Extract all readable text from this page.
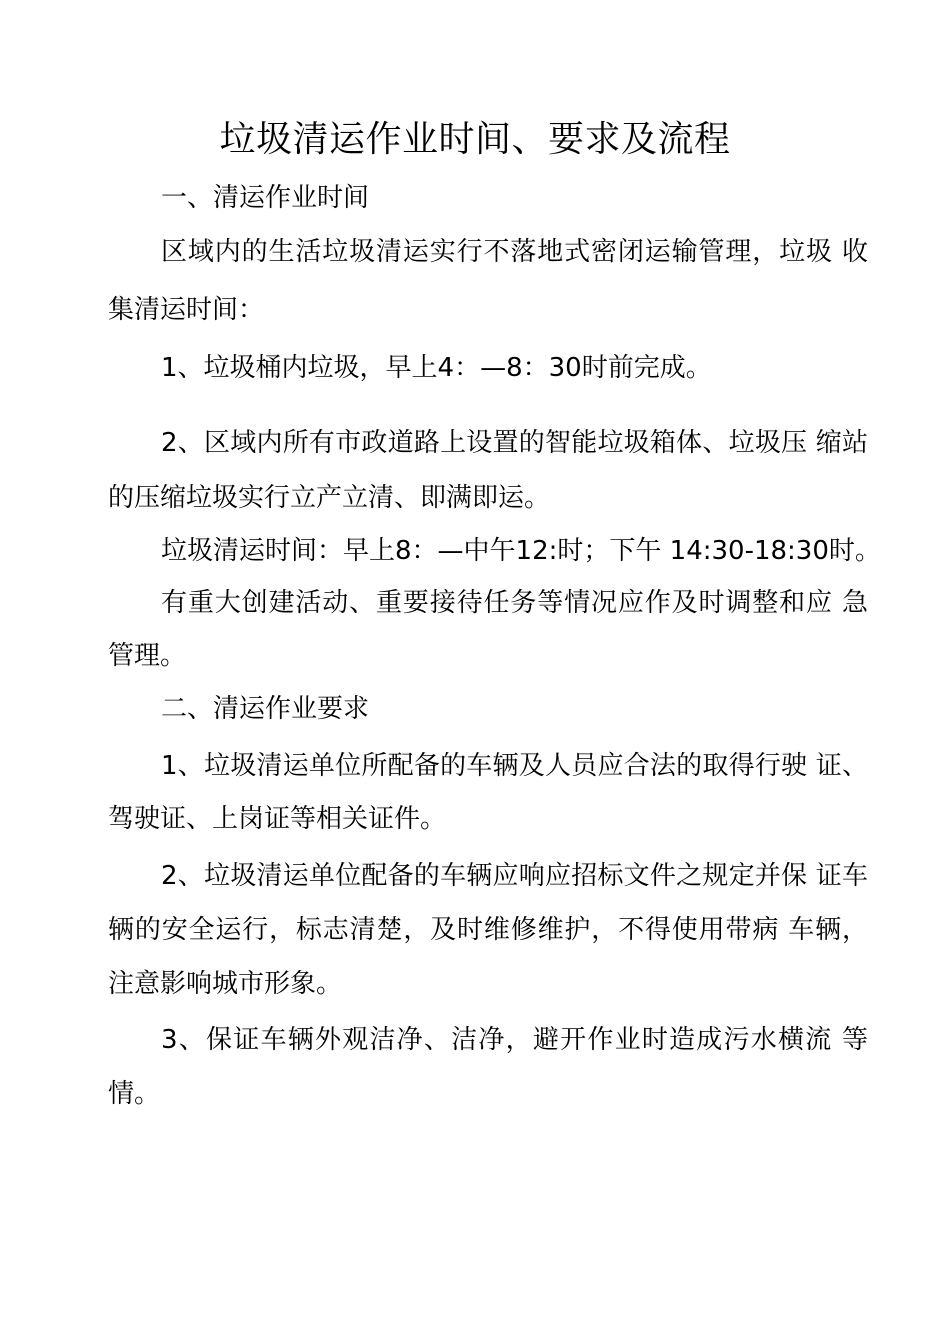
垃圾清运作业时间、要求及流程

一、清运作业时间

区域内的生活垃圾清运实行不落地式密闭运输管理，垃圾 收

集清运时间：

1、垃圾桶内垃圾，早上4：—8：30时前完成。

2、区域内所有市政道路上设置的智能垃圾箱体、垃圾压 缩站

的压缩垃圾实行立产立清、即满即运。

垃圾清运时间：早上8：—中午12:时；下午 14:30-18:30时。

有重大创建活动、重要接待任务等情况应作及时调整和应 急

管理。

二、清运作业要求

1、垃圾清运单位所配备的车辆及人员应合法的取得行驶 证、

驾驶证、上岗证等相关证件。

2、垃圾清运单位配备的车辆应响应招标文件之规定并保 证车

辆的安全运行，标志清楚，及时维修维护，不得使用带病 车辆，

注意影响城市形象。

3、保证车辆外观洁净、洁净，避开作业时造成污水横流 等

情。
